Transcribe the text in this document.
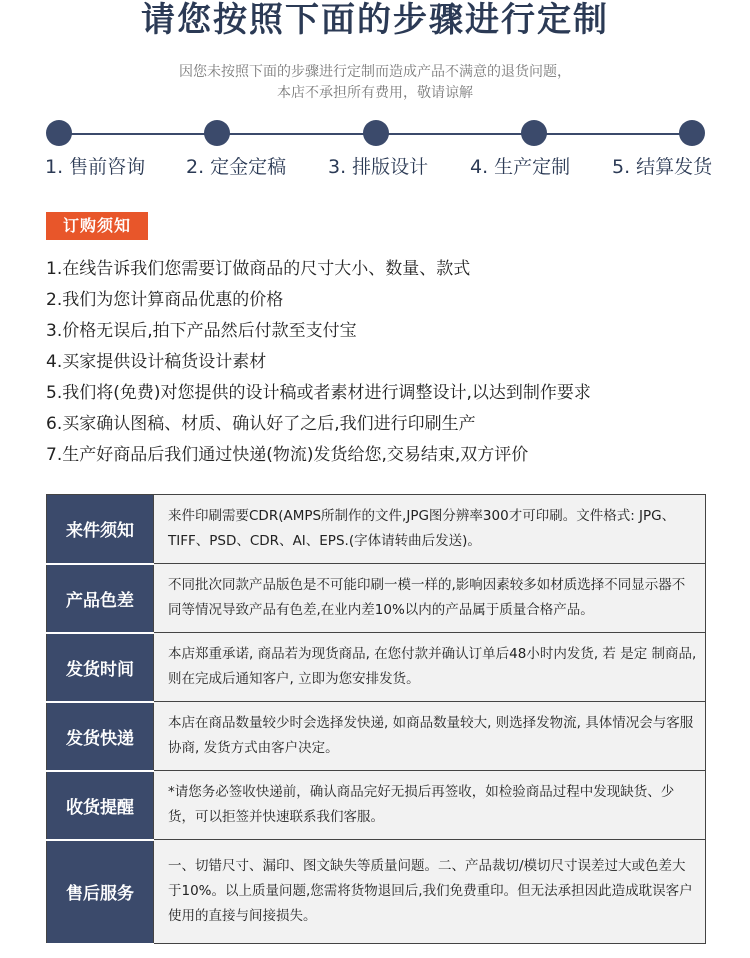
请您按照下面的步骤进行定制
因您未按照下面的步骤进行定制而造成产品不满意的退货问题，
本店不承担所有费用，敬请谅解
1. 售前咨询	2. 定金定稿	3. 排版设计	4. 生产定制	5. 结算发货
订购须知
1.在线告诉我们您需要订做商品的尺寸大小、数量、款式
2.我们为您计算商品优惠的价格
3.价格无误后,拍下产品然后付款至支付宝
4.买家提供设计稿货设计素材
5.我们将(免费)对您提供的设计稿或者素材进行调整设计,以达到制作要求
6.买家确认图稿、材质、确认好了之后,我们进行印刷生产
7.生产好商品后我们通过快递(物流)发货给您,交易结束,双方评价
来件须知	来件印刷需要CDR(AMPS所制作的文件,JPG图分辨率300才可印刷。文件格式: JPG、TIFF、PSD、CDR、AI、EPS.(字体请转曲后发送)。
产品色差	不同批次同款产品版色是不可能印刷一模一样的,影响因素较多如材质选择不同显示器不同等情况导致产品有色差,在业内差10%以内的产品属于质量合格产品。
发货时间	本店郑重承诺, 商品若为现货商品, 在您付款并确认订单后48小时内发货, 若 是定 制商品, 则在完成后通知客户, 立即为您安排发货。
发货快递	本店在商品数量较少时会选择发快递, 如商品数量较大, 则选择发物流, 具体情况会与客服协商, 发货方式由客户决定。
收货提醒	*请您务必签收快递前，确认商品完好无损后再签收，如检验商品过程中发现缺货、少货，可以拒签并快速联系我们客服。
售后服务	一、切错尺寸、漏印、图文缺失等质量问题。二、产品裁切/模切尺寸误差过大或色差大于10%。以上质量问题,您需将货物退回后,我们免费重印。但无法承担因此造成耽误客户使用的直接与间接损失。
